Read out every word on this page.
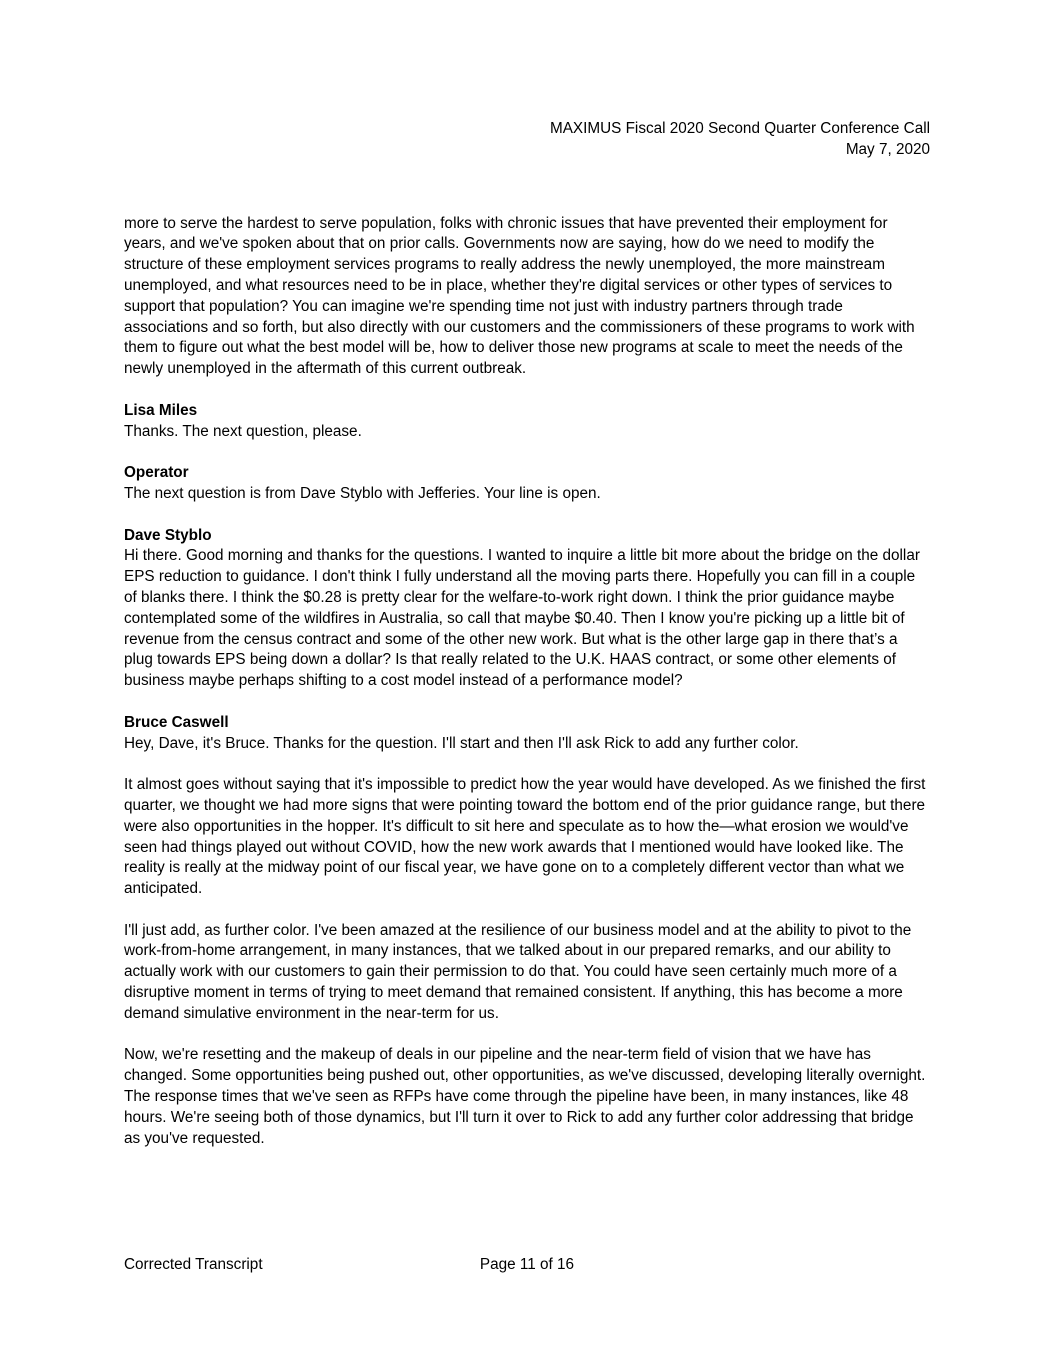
MAXIMUS Fiscal 2020 Second Quarter Conference Call
May 7, 2020

more to serve the hardest to serve population, folks with chronic issues that have prevented their employment for years, and we've spoken about that on prior calls. Governments now are saying, how do we need to modify the structure of these employment services programs to really address the newly unemployed, the more mainstream unemployed, and what resources need to be in place, whether they're digital services or other types of services to support that population? You can imagine we're spending time not just with industry partners through trade associations and so forth, but also directly with our customers and the commissioners of these programs to work with them to figure out what the best model will be, how to deliver those new programs at scale to meet the needs of the newly unemployed in the aftermath of this current outbreak.

Lisa Miles

Thanks. The next question, please.

Operator

The next question is from Dave Styblo with Jefferies. Your line is open.

Dave Styblo

Hi there. Good morning and thanks for the questions. I wanted to inquire a little bit more about the bridge on the dollar EPS reduction to guidance. I don't think I fully understand all the moving parts there. Hopefully you can fill in a couple of blanks there. I think the $0.28 is pretty clear for the welfare-to-work right down. I think the prior guidance maybe contemplated some of the wildfires in Australia, so call that maybe $0.40. Then I know you're picking up a little bit of revenue from the census contract and some of the other new work. But what is the other large gap in there that’s a plug towards EPS being down a dollar? Is that really related to the U.K. HAAS contract, or some other elements of business maybe perhaps shifting to a cost model instead of a performance model?

Bruce Caswell

Hey, Dave, it's Bruce. Thanks for the question. I'll start and then I'll ask Rick to add any further color.

It almost goes without saying that it's impossible to predict how the year would have developed. As we finished the first quarter, we thought we had more signs that were pointing toward the bottom end of the prior guidance range, but there were also opportunities in the hopper. It's difficult to sit here and speculate as to how the—what erosion we would've seen had things played out without COVID, how the new work awards that I mentioned would have looked like. The reality is really at the midway point of our fiscal year, we have gone on to a completely different vector than what we anticipated.

I'll just add, as further color. I've been amazed at the resilience of our business model and at the ability to pivot to the work-from-home arrangement, in many instances, that we talked about in our prepared remarks, and our ability to actually work with our customers to gain their permission to do that. You could have seen certainly much more of a disruptive moment in terms of trying to meet demand that remained consistent. If anything, this has become a more demand simulative environment in the near-term for us.

Now, we're resetting and the makeup of deals in our pipeline and the near-term field of vision that we have has changed. Some opportunities being pushed out, other opportunities, as we've discussed, developing literally overnight. The response times that we've seen as RFPs have come through the pipeline have been, in many instances, like 48 hours. We're seeing both of those dynamics, but I'll turn it over to Rick to add any further color addressing that bridge as you've requested.

Corrected Transcript	Page 11 of 16
